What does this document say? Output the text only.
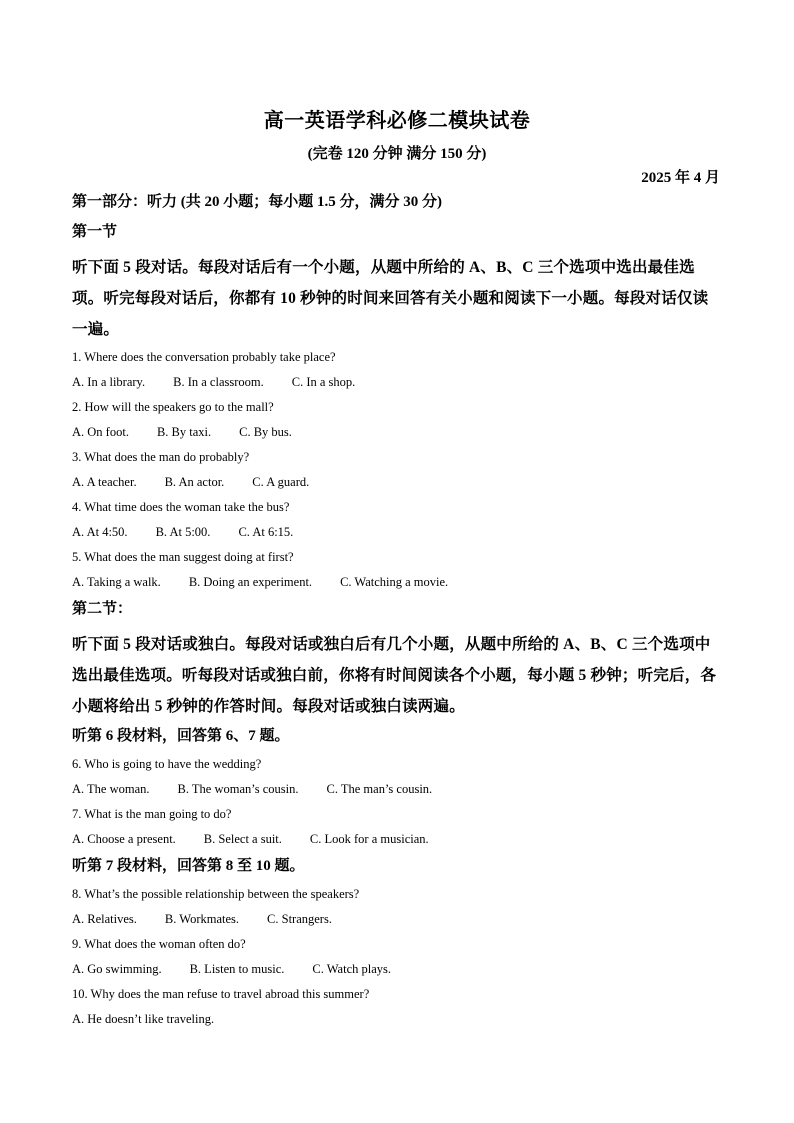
高一英语学科必修二模块试卷
(完卷 120 分钟 满分 150 分)
2025 年 4 月
第一部分：听力 (共 20 小题；每小题 1.5 分，满分 30 分)
第一节
听下面 5 段对话。每段对话后有一个小题，从题中所给的 A、B、C 三个选项中选出最佳选项。听完每段对话后，你都有 10 秒钟的时间来回答有关小题和阅读下一小题。每段对话仅读一遍。
1. Where does the conversation probably take place?
A. In a library. B. In a classroom. C. In a shop.
2. How will the speakers go to the mall?
A. On foot. B. By taxi. C. By bus.
3. What does the man do probably?
A. A teacher. B. An actor. C. A guard.
4. What time does the woman take the bus?
A. At 4:50. B. At 5:00. C. At 6:15.
5. What does the man suggest doing at first?
A. Taking a walk. B. Doing an experiment. C. Watching a movie.
第二节：
听下面 5 段对话或独白。每段对话或独白后有几个小题，从题中所给的 A、B、C 三个选项中选出最佳选项。听每段对话或独白前，你将有时间阅读各个小题，每小题 5 秒钟；听完后，各小题将给出 5 秒钟的作答时间。每段对话或独白读两遍。
听第 6 段材料，回答第 6、7 题。
6. Who is going to have the wedding?
A. The woman. B. The woman’s cousin. C. The man’s cousin.
7. What is the man going to do?
A. Choose a present. B. Select a suit. C. Look for a musician.
听第 7 段材料，回答第 8 至 10 题。
8. What’s the possible relationship between the speakers?
A. Relatives. B. Workmates. C. Strangers.
9. What does the woman often do?
A. Go swimming. B. Listen to music. C. Watch plays.
10. Why does the man refuse to travel abroad this summer?
A. He doesn’t like traveling.
